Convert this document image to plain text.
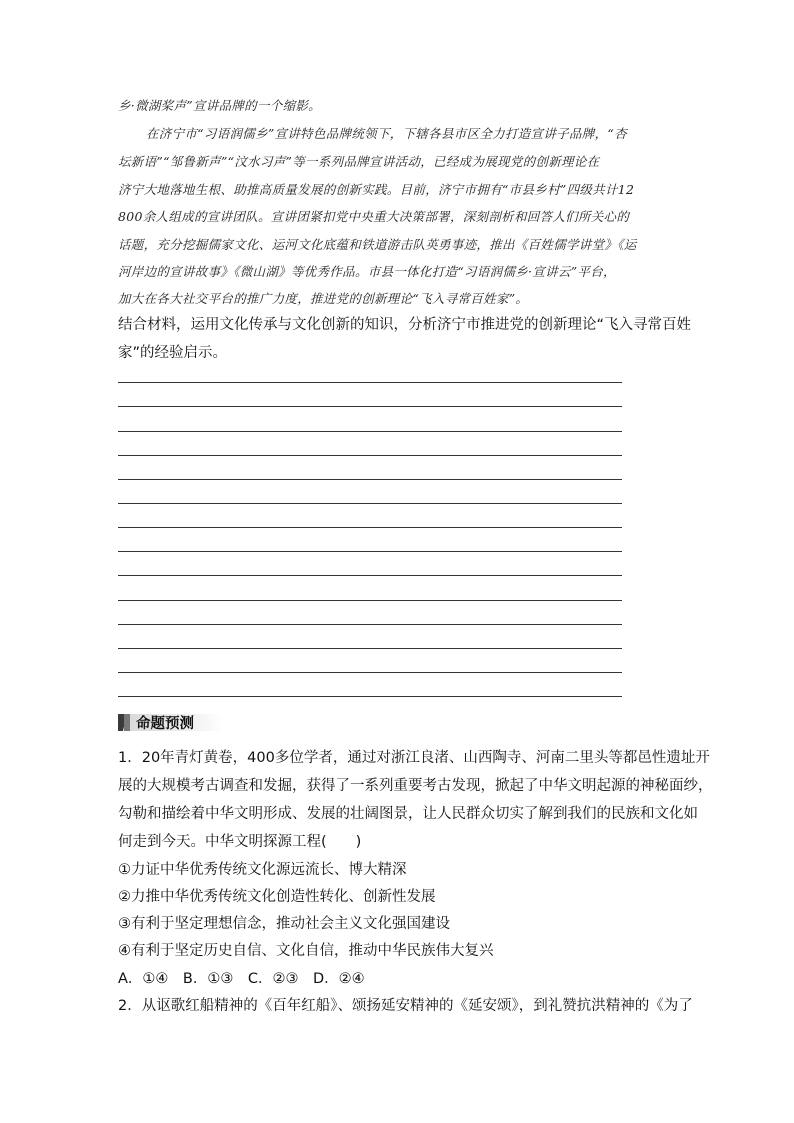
乡·微湖桨声”宣讲品牌的一个缩影。
在济宁市“习语润儒乡”宣讲特色品牌统领下，下辖各县市区全力打造宣讲子品牌，“杏
坛新语”“邹鲁新声”“汶水习声”等一系列品牌宣讲活动，已经成为展现党的创新理论在
济宁大地落地生根、助推高质量发展的创新实践。目前，济宁市拥有“市县乡村”四级共计12
800余人组成的宣讲团队。宣讲团紧扣党中央重大决策部署，深刻剖析和回答人们所关心的
话题，充分挖掘儒家文化、运河文化底蕴和铁道游击队英勇事迹，推出《百姓儒学讲堂》《运
河岸边的宣讲故事》《微山湖》等优秀作品。市县一体化打造“习语润儒乡·宣讲云”平台，
加大在各大社交平台的推广力度，推进党的创新理论“飞入寻常百姓家”。
结合材料，运用文化传承与文化创新的知识，分析济宁市推进党的创新理论“飞入寻常百姓
家”的经验启示。
命题预测
1．20年青灯黄卷，400多位学者，通过对浙江良渚、山西陶寺、河南二里头等都邑性遗址开
展的大规模考古调查和发掘，获得了一系列重要考古发现，掀起了中华文明起源的神秘面纱，
勾勒和描绘着中华文明形成、发展的壮阔图景，让人民群众切实了解到我们的民族和文化如
何走到今天。中华文明探源工程(　　)
①力证中华优秀传统文化源远流长、博大精深
②力推中华优秀传统文化创造性转化、创新性发展
③有利于坚定理想信念，推动社会主义文化强国建设
④有利于坚定历史自信、文化自信，推动中华民族伟大复兴
A．①④　B．①③　C．②③　D．②④
2．从讴歌红船精神的《百年红船》、颂扬延安精神的《延安颂》，到礼赞抗洪精神的《为了
